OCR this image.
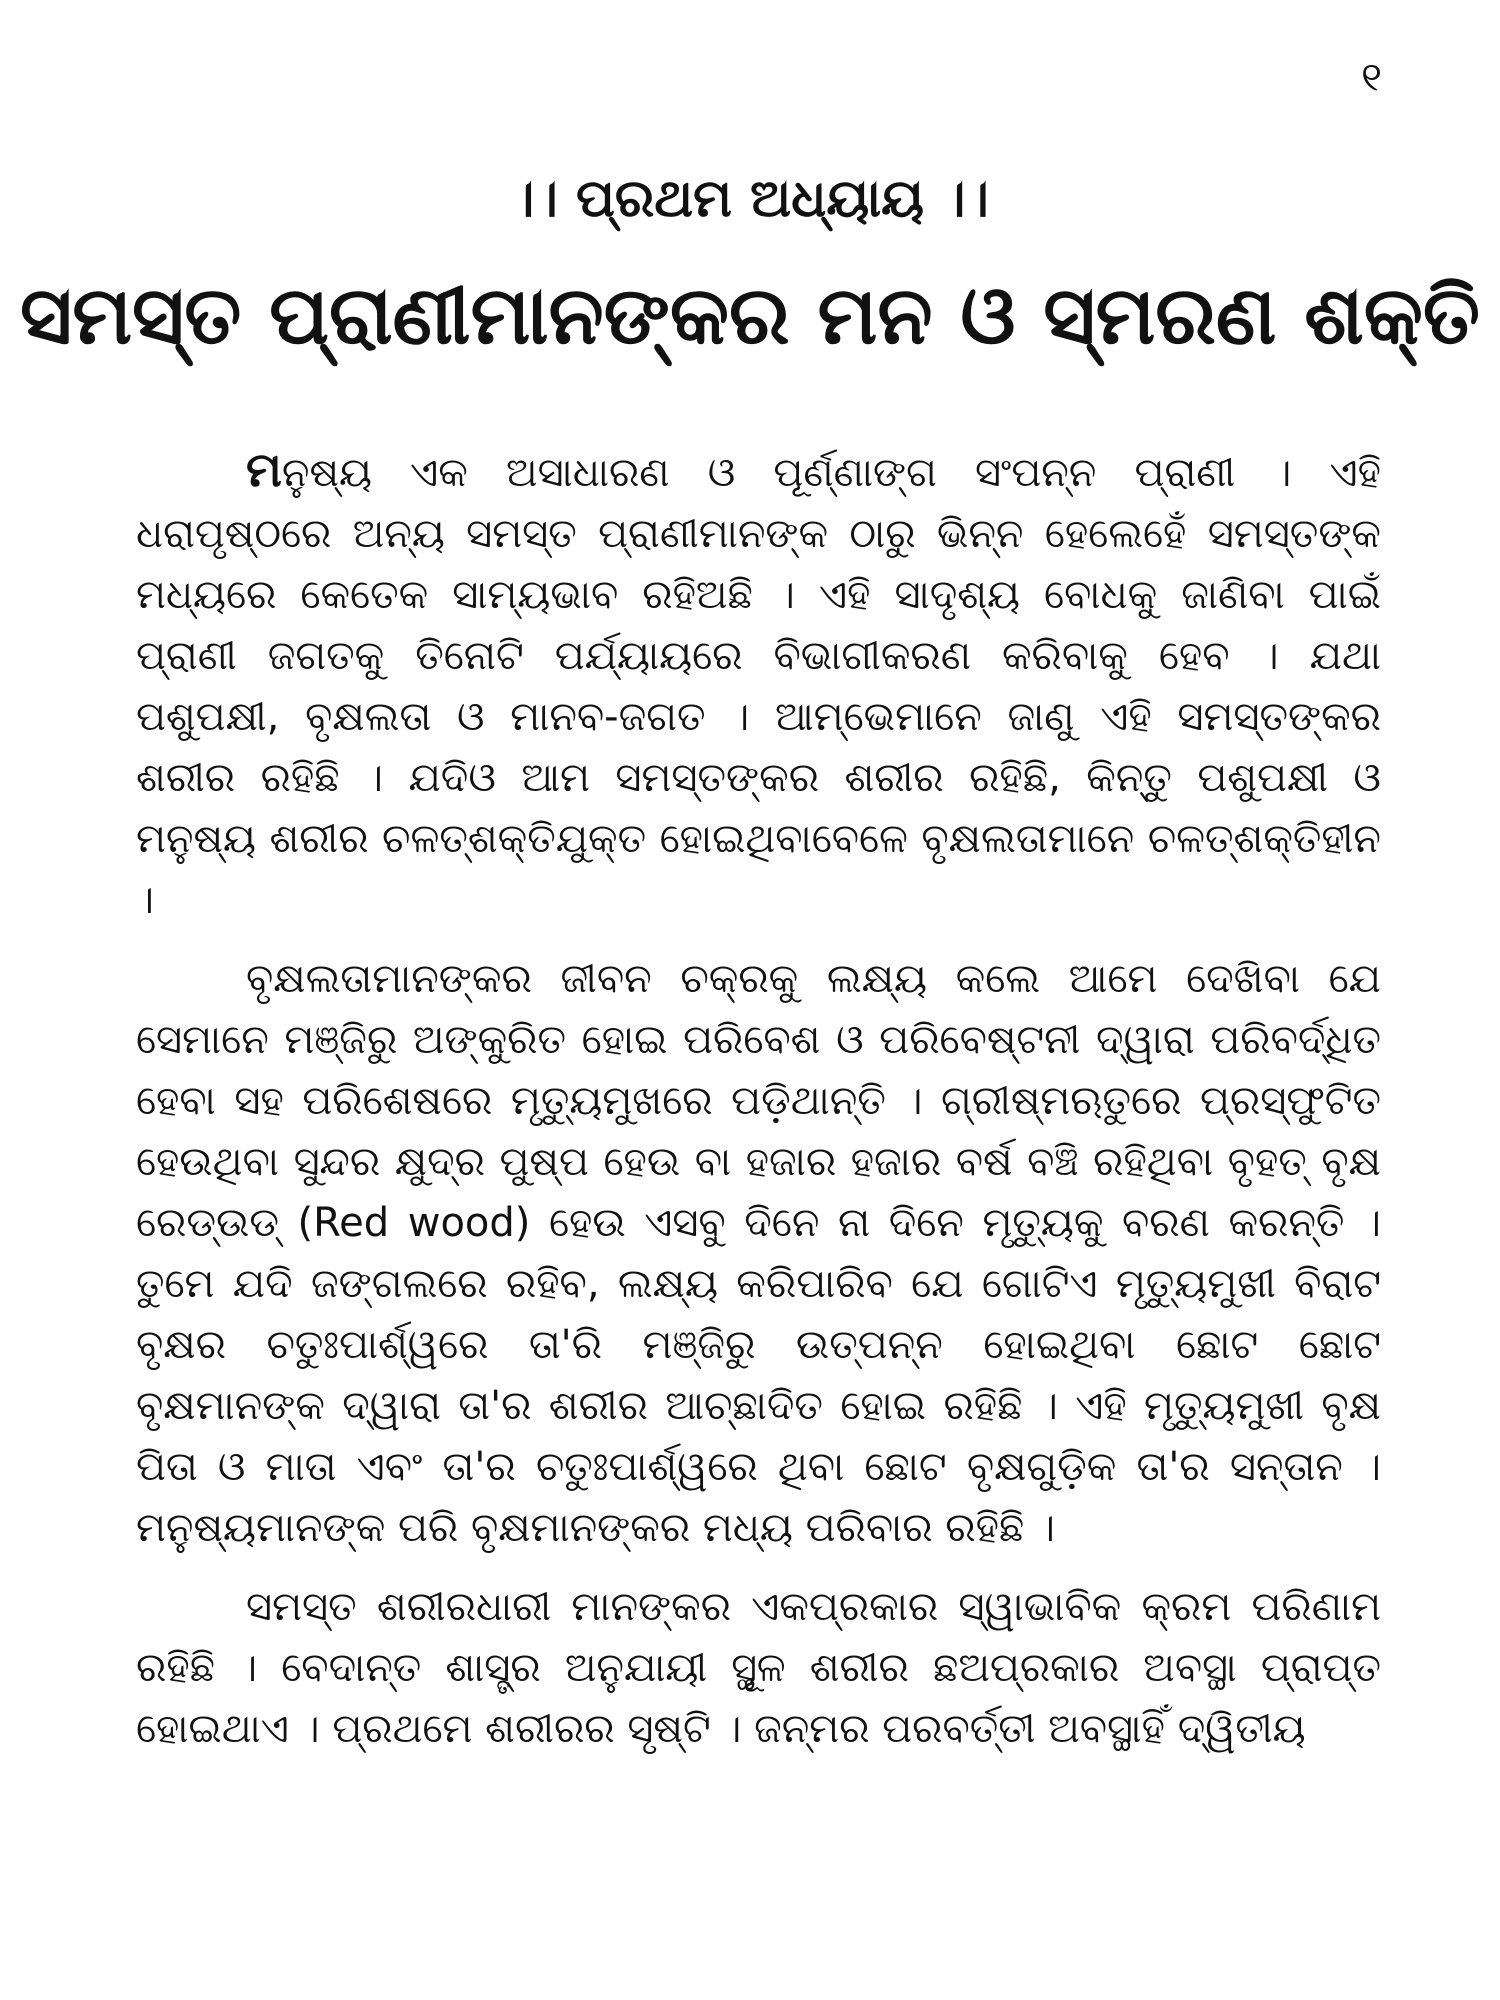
୧
।। ପ୍ରଥମ ଅଧ୍ୟାୟ ।।
ସମସ୍ତ ପ୍ରାଣୀମାନଙ୍କର ମନ ଓ ସ୍ମରଣ ଶକ୍ତି

ମନୁଷ୍ୟ ଏକ ଅସାଧାରଣ ଓ ପୂର୍ଣ୍ଣାଙ୍ଗ ସଂପନ୍ନ ପ୍ରାଣୀ । ଏହି ଧରାପୃଷ୍ଠରେ ଅନ୍ୟ ସମସ୍ତ ପ୍ରାଣୀମାନଙ୍କ ଠାରୁ ଭିନ୍ନ ହେଲେହେଁ ସମସ୍ତଙ୍କ ମଧ୍ୟରେ କେତେକ ସାମ୍ୟଭାବ ରହିଅଛି । ଏହି ସାଦୃଶ୍ୟ ବୋଧକୁ ଜାଣିବା ପାଇଁ ପ୍ରାଣୀ ଜଗତକୁ ତିନୋଟି ପର୍ଯ୍ୟାୟରେ ବିଭାଗୀକରଣ କରିବାକୁ ହେବ । ଯଥା ପଶୁପକ୍ଷୀ, ବୃକ୍ଷଲତା ଓ ମାନବ-ଜଗତ । ଆମ୍ଭେମାନେ ଜାଣୁ ଏହି ସମସ୍ତଙ୍କର ଶରୀର ରହିଛି । ଯଦିଓ ଆମ ସମସ୍ତଙ୍କର ଶରୀର ରହିଛି, କିନ୍ତୁ ପଶୁପକ୍ଷୀ ଓ ମନୁଷ୍ୟ ଶରୀର ଚଳତ୍‌ଶକ୍ତିଯୁକ୍ତ ହୋଇଥିବାବେଳେ ବୃକ୍ଷଲତାମାନେ ଚଳତ୍‌ଶକ୍ତିହୀନ ।

ବୃକ୍ଷଲତାମାନଙ୍କର ଜୀବନ ଚକ୍ରକୁ ଲକ୍ଷ୍ୟ କଲେ ଆମେ ଦେଖିବା ଯେ ସେମାନେ ମଞ୍ଜିରୁ ଅଙ୍କୁରିତ ହୋଇ ପରିବେଶ ଓ ପରିବେଷ୍ଟନୀ ଦ୍ୱାରା ପରିବର୍ଦ୍ଧିତ ହେବା ସହ ପରିଶେଷରେ ମୃତ୍ୟୁମୁଖରେ ପଡ଼ିଥାନ୍ତି । ଗ୍ରୀଷ୍ମଋତୁରେ ପ୍ରସ୍ଫୁଟିତ ହେଉଥିବା ସୁନ୍ଦର କ୍ଷୁଦ୍ର ପୁଷ୍ପ ହେଉ ବା ହଜାର ହଜାର ବର୍ଷ ବଞ୍ଚି ରହିଥିବା ବୃହତ୍ ବୃକ୍ଷ ରେଡ୍‌ଉଡ୍ (Red wood) ହେଉ ଏସବୁ ଦିନେ ନା ଦିନେ ମୃତ୍ୟୁକୁ ବରଣ କରନ୍ତି । ତୁମେ ଯଦି ଜଙ୍ଗଲରେ ରହିବ, ଲକ୍ଷ୍ୟ କରିପାରିବ ଯେ ଗୋଟିଏ ମୃତ୍ୟୁମୁଖୀ ବିରାଟ ବୃକ୍ଷର ଚତୁଃପାର୍ଶ୍ୱରେ ତା'ରି ମଞ୍ଜିରୁ ଉତ୍ପନ୍ନ ହୋଇଥିବା ଛୋଟ ଛୋଟ ବୃକ୍ଷମାନଙ୍କ ଦ୍ୱାରା ତା'ର ଶରୀର ଆଚ୍ଛାଦିତ ହୋଇ ରହିଛି । ଏହି ମୃତ୍ୟୁମୁଖୀ ବୃକ୍ଷ ପିତା ଓ ମାତା ଏବଂ ତା'ର ଚତୁଃପାର୍ଶ୍ୱରେ ଥିବା ଛୋଟ ବୃକ୍ଷଗୁଡ଼ିକ ତା'ର ସନ୍ତାନ । ମନୁଷ୍ୟମାନଙ୍କ ପରି ବୃକ୍ଷମାନଙ୍କର ମଧ୍ୟ ପରିବାର ରହିଛି ।

ସମସ୍ତ ଶରୀରଧାରୀ ମାନଙ୍କର ଏକପ୍ରକାର ସ୍ୱାଭାବିକ କ୍ରମ ପରିଣାମ ରହିଛି । ବେଦାନ୍ତ ଶାସ୍ତ୍ର ଅନୁଯାୟୀ ସ୍ଥୂଳ ଶରୀର ଛଅପ୍ରକାର ଅବସ୍ଥା ପ୍ରାପ୍ତ ହୋଇଥାଏ । ପ୍ରଥମେ ଶରୀରର ସୃଷ୍ଟି । ଜନ୍ମର ପରବର୍ତ୍ତୀ ଅବସ୍ଥାହିଁ ଦ୍ୱିତୀୟ
